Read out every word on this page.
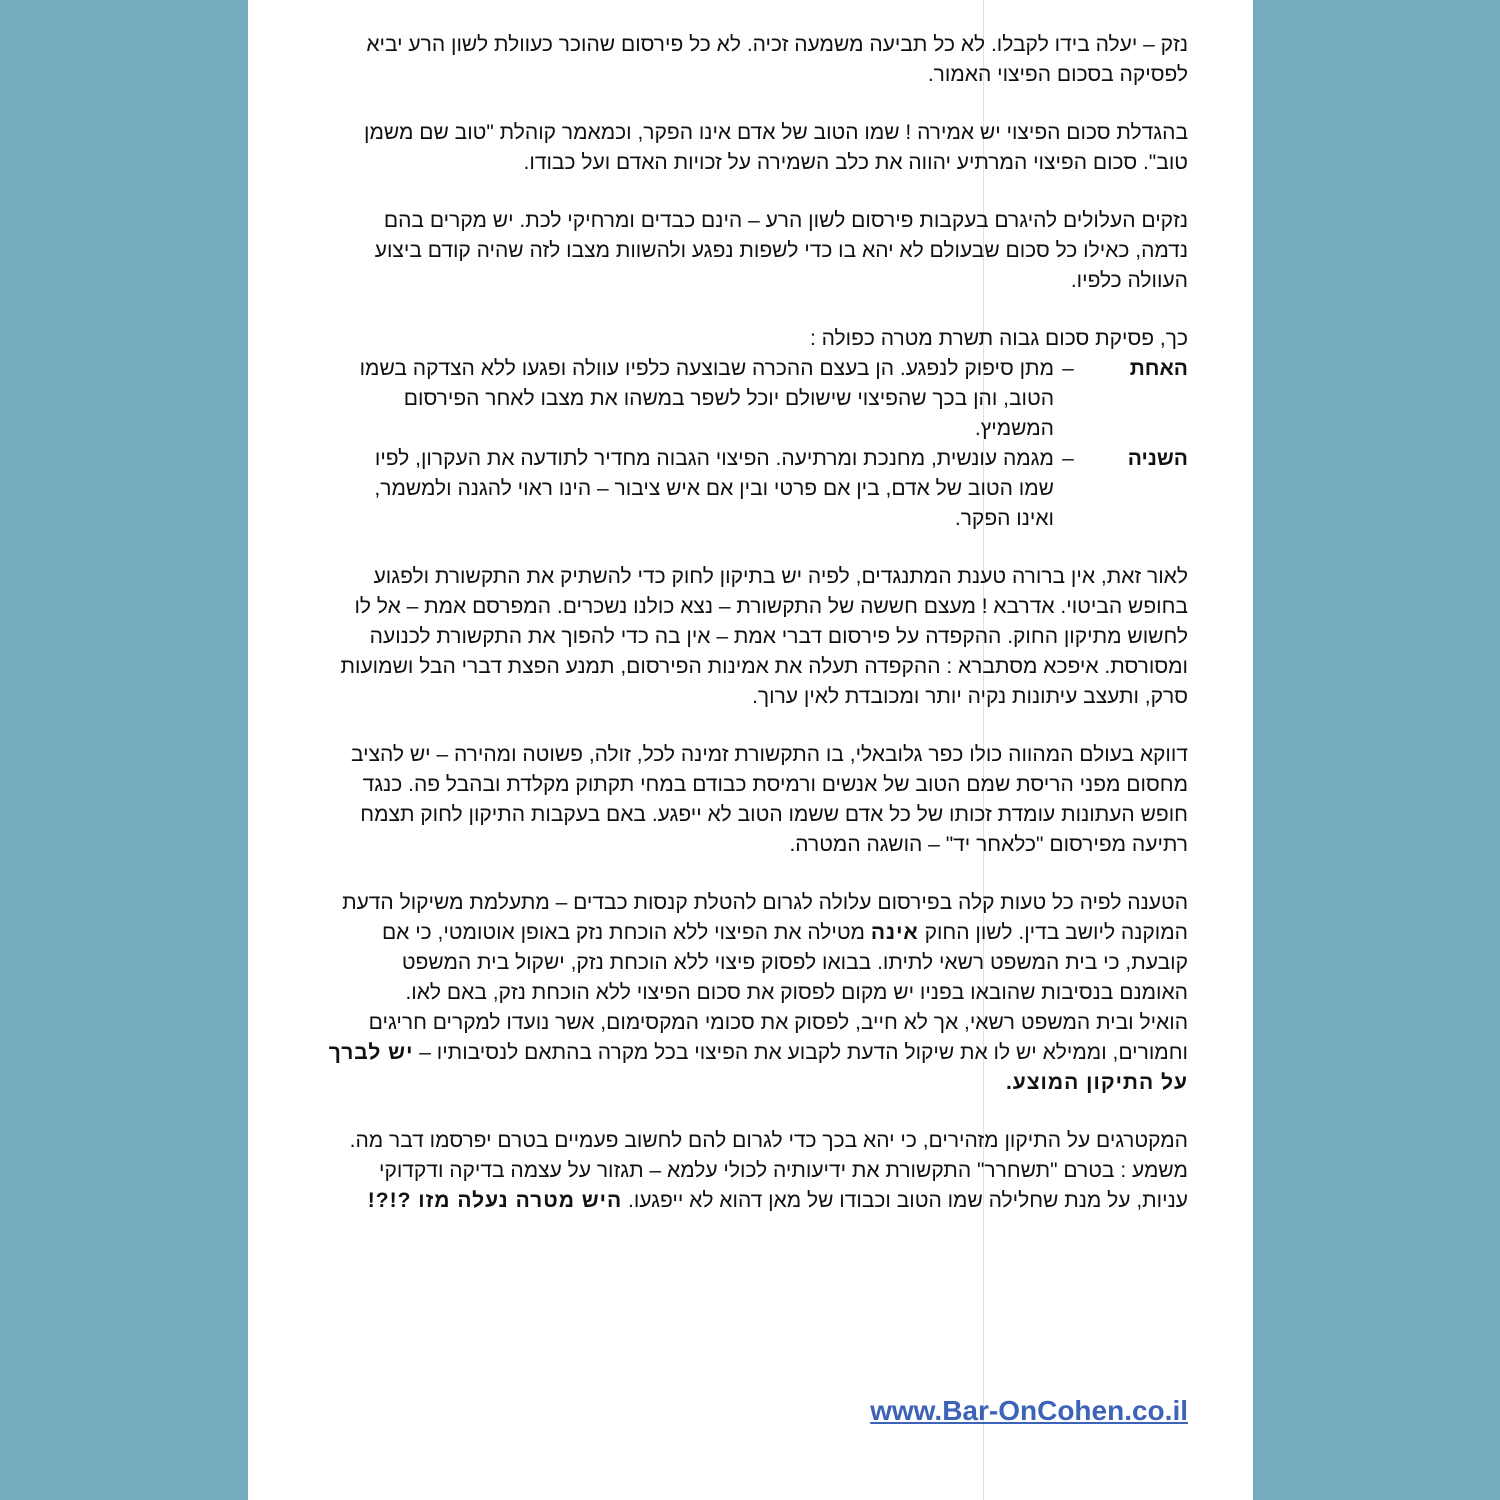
נזק – יעלה בידו לקבלו. לא כל תביעה משמעה זכיה. לא כל פירסום שהוכר כעוולת לשון הרע יביא לפסיקה בסכום הפיצוי האמור.

בהגדלת סכום הפיצוי יש אמירה ! שמו הטוב של אדם אינו הפקר, וכמאמר קוהלת "טוב שם משמן טוב". סכום הפיצוי המרתיע יהווה את כלב השמירה על זכויות האדם ועל כבודו.

נזקים העלולים להיגרם בעקבות פירסום לשון הרע – הינם כבדים ומרחיקי לכת. יש מקרים בהם נדמה, כאילו כל סכום שבעולם לא יהא בו כדי לשפות נפגע ולהשוות מצבו לזה שהיה קודם ביצוע העוולה כלפיו.

כך, פסיקת סכום גבוה תשרת מטרה כפולה :

האחת
–
מתן סיפוק לנפגע. הן בעצם ההכרה שבוצעה כלפיו עוולה ופגעו ללא הצדקה בשמו הטוב, והן בכך שהפיצוי שישולם יוכל לשפר במשהו את מצבו לאחר הפירסום המשמיץ.
השניה
–
מגמה עונשית, מחנכת ומרתיעה. הפיצוי הגבוה מחדיר לתודעה את העקרון, לפיו שמו הטוב של אדם, בין אם פרטי ובין אם איש ציבור – הינו ראוי להגנה ולמשמר, ואינו הפקר.

לאור זאת, אין ברורה טענת המתנגדים, לפיה יש בתיקון לחוק כדי להשתיק את התקשורת ולפגוע בחופש הביטוי. אדרבא ! מעצם חששה של התקשורת – נצא כולנו נשכרים. המפרסם אמת – אל לו לחשוש מתיקון החוק. ההקפדה על פירסום דברי אמת – אין בה כדי להפוך את התקשורת לכנועה ומסורסת. איפכא מסתברא : ההקפדה תעלה את אמינות הפירסום, תמנע הפצת דברי הבל ושמועות סרק, ותעצב עיתונות נקיה יותר ומכובדת לאין ערוך.

דווקא בעולם המהווה כולו כפר גלובאלי, בו התקשורת זמינה לכל, זולה, פשוטה ומהירה – יש להציב מחסום מפני הריסת שמם הטוב של אנשים ורמיסת כבודם במחי תקתוק מקלדת ובהבל פה. כנגד חופש העתונות עומדת זכותו של כל אדם ששמו הטוב לא ייפגע. באם בעקבות התיקון לחוק תצמח רתיעה מפירסום "כלאחר יד" – הושגה המטרה.

הטענה לפיה כל טעות קלה בפירסום עלולה לגרום להטלת קנסות כבדים – מתעלמת משיקול הדעת המוקנה ליושב בדין. לשון החוק אינה מטילה את הפיצוי ללא הוכחת נזק באופן אוטומטי, כי אם קובעת, כי בית המשפט רשאי לתיתו. בבואו לפסוק פיצוי ללא הוכחת נזק, ישקול בית המשפט האומנם בנסיבות שהובאו בפניו יש מקום לפסוק את סכום הפיצוי ללא הוכחת נזק, באם לאו.

הואיל ובית המשפט רשאי, אך לא חייב, לפסוק את סכומי המקסימום, אשר נועדו למקרים חריגים וחמורים, וממילא יש לו את שיקול הדעת לקבוע את הפיצוי בכל מקרה בהתאם לנסיבותיו – יש לברך על התיקון המוצע.

המקטרגים על התיקון מזהירים, כי יהא בכך כדי לגרום להם לחשוב פעמיים בטרם יפרסמו דבר מה. משמע : בטרם "תשחרר" התקשורת את ידיעותיה לכולי עלמא – תגזור על עצמה בדיקה ודקדוקי עניות, על מנת שחלילה שמו הטוב וכבודו של מאן דהוא לא ייפגעו. היש מטרה נעלה מזו ?!?!

www.Bar-OnCohen.co.il
